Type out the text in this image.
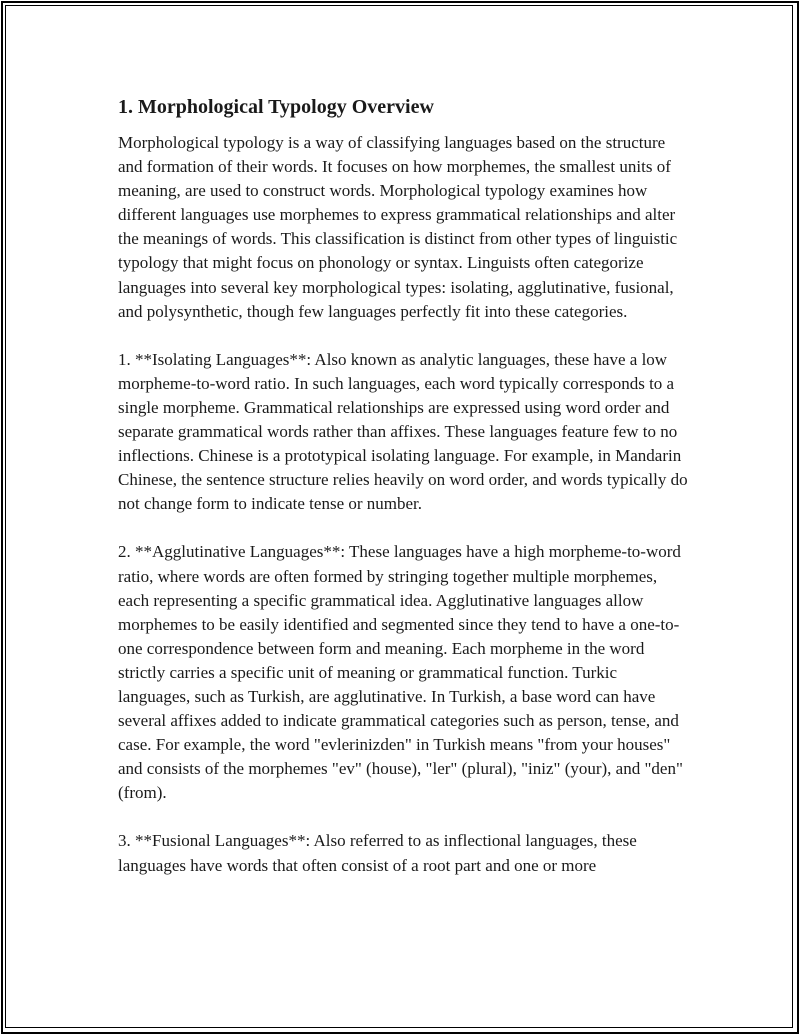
1. Morphological Typology Overview

Morphological typology is a way of classifying languages based on the structure and formation of their words. It focuses on how morphemes, the smallest units of meaning, are used to construct words. Morphological typology examines how different languages use morphemes to express grammatical relationships and alter the meanings of words. This classification is distinct from other types of linguistic typology that might focus on phonology or syntax. Linguists often categorize languages into several key morphological types: isolating, agglutinative, fusional, and polysynthetic, though few languages perfectly fit into these categories.

1. **Isolating Languages**: Also known as analytic languages, these have a low morpheme-to-word ratio. In such languages, each word typically corresponds to a single morpheme. Grammatical relationships are expressed using word order and separate grammatical words rather than affixes. These languages feature few to no inflections. Chinese is a prototypical isolating language. For example, in Mandarin Chinese, the sentence structure relies heavily on word order, and words typically do not change form to indicate tense or number.

2. **Agglutinative Languages**: These languages have a high morpheme-to-word ratio, where words are often formed by stringing together multiple morphemes, each representing a specific grammatical idea. Agglutinative languages allow morphemes to be easily identified and segmented since they tend to have a one-to-one correspondence between form and meaning. Each morpheme in the word strictly carries a specific unit of meaning or grammatical function. Turkic languages, such as Turkish, are agglutinative. In Turkish, a base word can have several affixes added to indicate grammatical categories such as person, tense, and case. For example, the word "evlerinizden" in Turkish means "from your houses" and consists of the morphemes "ev" (house), "ler" (plural), "iniz" (your), and "den" (from).

3. **Fusional Languages**: Also referred to as inflectional languages, these languages have words that often consist of a root part and one or more
